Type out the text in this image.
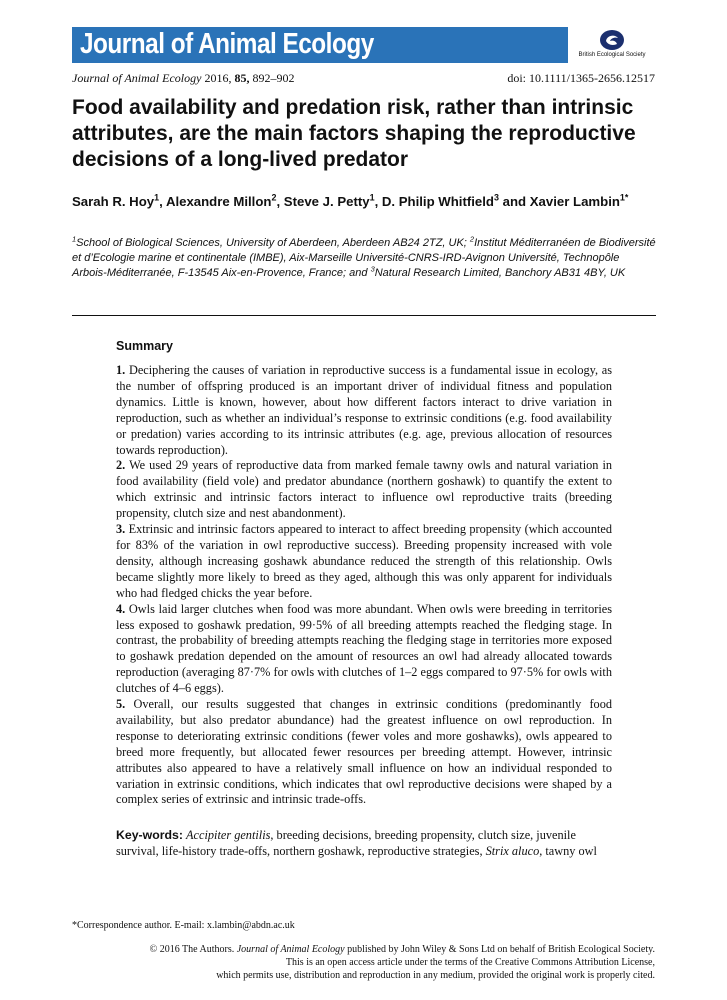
Journal of Animal Ecology	British Ecological Society
Journal of Animal Ecology 2016, 85, 892–902	doi: 10.1111/1365-2656.12517
Food availability and predation risk, rather than intrinsic attributes, are the main factors shaping the reproductive decisions of a long-lived predator
Sarah R. Hoy$^1$, Alexandre Millon$^2$, Steve J. Petty$^1$, D. Philip Whitfield$^3$ and Xavier Lambin$^{1*}$
$^1$School of Biological Sciences, University of Aberdeen, Aberdeen AB24 2TZ, UK; $^2$Institut Méditerranéen de Biodiversité et d’Ecologie marine et continentale (IMBE), Aix-Marseille Université-CNRS-IRD-Avignon Université, Technopôle Arbois-Méditerranée, F-13545 Aix-en-Provence, France; and $^3$Natural Research Limited, Banchory AB31 4BY, UK
Summary

1. Deciphering the causes of variation in reproductive success is a fundamental issue in ecology, as the number of offspring produced is an important driver of individual fitness and population dynamics. Little is known, however, about how different factors interact to drive variation in reproduction, such as whether an individual’s response to extrinsic conditions (e.g. food availability or predation) varies according to its intrinsic attributes (e.g. age, previous allocation of resources towards reproduction).

2. We used 29 years of reproductive data from marked female tawny owls and natural variation in food availability (field vole) and predator abundance (northern goshawk) to quantify the extent to which extrinsic and intrinsic factors interact to influence owl reproductive traits (breeding propensity, clutch size and nest abandonment).

3. Extrinsic and intrinsic factors appeared to interact to affect breeding propensity (which accounted for 83% of the variation in owl reproductive success). Breeding propensity increased with vole density, although increasing goshawk abundance reduced the strength of this relationship. Owls became slightly more likely to breed as they aged, although this was only apparent for individuals who had fledged chicks the year before.

4. Owls laid larger clutches when food was more abundant. When owls were breeding in territories less exposed to goshawk predation, 99·5% of all breeding attempts reached the fledging stage. In contrast, the probability of breeding attempts reaching the fledging stage in territories more exposed to goshawk predation depended on the amount of resources an owl had already allocated towards reproduction (averaging 87·7% for owls with clutches of 1–2 eggs compared to 97·5% for owls with clutches of 4–6 eggs).

5. Overall, our results suggested that changes in extrinsic conditions (predominantly food availability, but also predator abundance) had the greatest influence on owl reproduction. In response to deteriorating extrinsic conditions (fewer voles and more goshawks), owls appeared to breed more frequently, but allocated fewer resources per breeding attempt. However, intrinsic attributes also appeared to have a relatively small influence on how an individual responded to variation in extrinsic conditions, which indicates that owl reproductive decisions were shaped by a complex series of extrinsic and intrinsic trade-offs.

Key-words: Accipiter gentilis, breeding decisions, breeding propensity, clutch size, juvenile survival, life-history trade-offs, northern goshawk, reproductive strategies, Strix aluco, tawny owl
*Correspondence author. E-mail: x.lambin@abdn.ac.uk
© 2016 The Authors. Journal of Animal Ecology published by John Wiley & Sons Ltd on behalf of British Ecological Society.
This is an open access article under the terms of the Creative Commons Attribution License,
which permits use, distribution and reproduction in any medium, provided the original work is properly cited.
